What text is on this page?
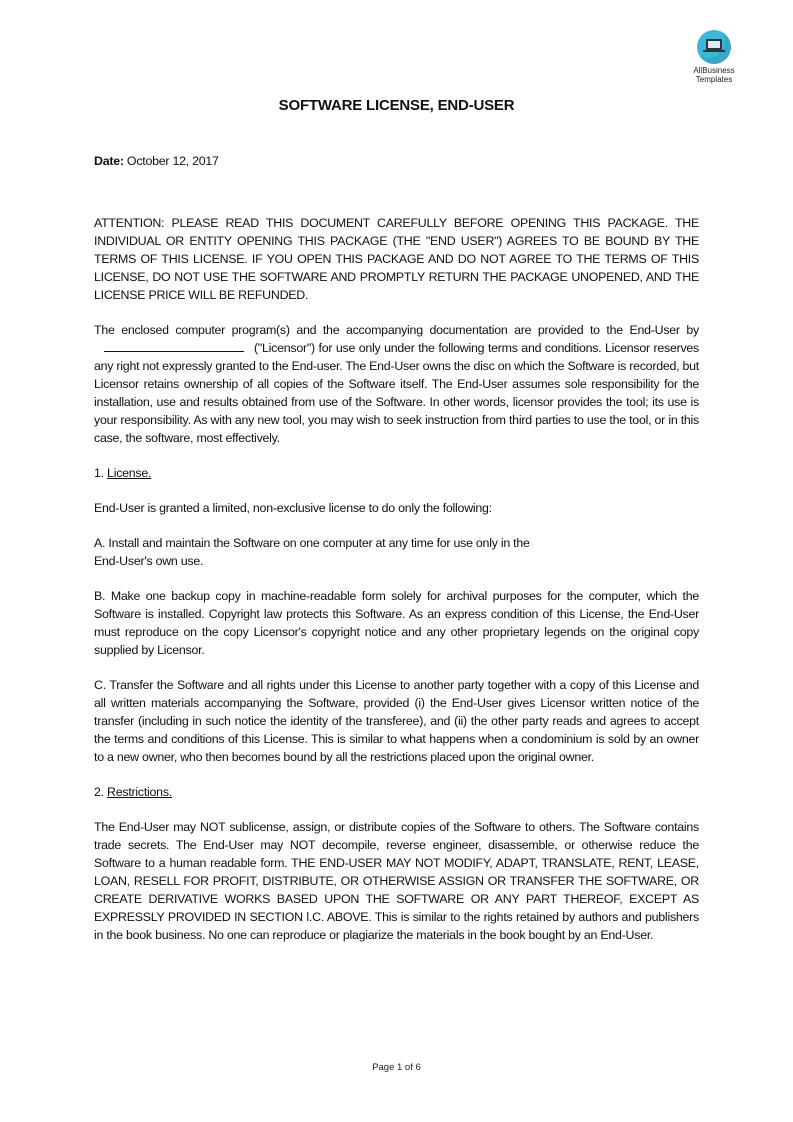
AllBusiness
Templates
SOFTWARE LICENSE, END-USER

Date: October 12, 2017

ATTENTION: PLEASE READ THIS DOCUMENT CAREFULLY BEFORE OPENING THIS PACKAGE. THE INDIVIDUAL OR ENTITY OPENING THIS PACKAGE (THE "END USER") AGREES TO BE BOUND BY THE TERMS OF THIS LICENSE. IF YOU OPEN THIS PACKAGE AND DO NOT AGREE TO THE TERMS OF THIS LICENSE, DO NOT USE THE SOFTWARE AND PROMPTLY RETURN THE PACKAGE UNOPENED, AND THE LICENSE PRICE WILL BE REFUNDED.

The enclosed computer program(s) and the accompanying documentation are provided to the End-User by("Licensor") for use only under the following terms and conditions. Licensor reserves any right not expressly granted to the End-user. The End-User owns the disc on which the Software is recorded, but Licensor retains ownership of all copies of the Software itself. The End-User assumes sole responsibility for the installation, use and results obtained from use of the Software. In other words, licensor provides the tool; its use is your responsibility. As with any new tool, you may wish to seek instruction from third parties to use the tool, or in this case, the software, most effectively.

1. License.

End-User is granted a limited, non-exclusive license to do only the following:

A. Install and maintain the Software on one computer at any time for use only in the
End-User's own use.

B. Make one backup copy in machine-readable form solely for archival purposes for the computer, which the Software is installed. Copyright law protects this Software. As an express condition of this License, the End-User must reproduce on the copy Licensor's copyright notice and any other proprietary legends on the original copy supplied by Licensor.

C. Transfer the Software and all rights under this License to another party together with a copy of this License and all written materials accompanying the Software, provided (i) the End-User gives Licensor written notice of the transfer (including in such notice the identity of the transferee), and (ii) the other party reads and agrees to accept the terms and conditions of this License. This is similar to what happens when a condominium is sold by an owner to a new owner, who then becomes bound by all the restrictions placed upon the original owner.

2. Restrictions.

The End-User may NOT sublicense, assign, or distribute copies of the Software to others. The Software contains trade secrets. The End-User may NOT decompile, reverse engineer, disassemble, or otherwise reduce the Software to a human readable form. THE END-USER MAY NOT MODIFY, ADAPT, TRANSLATE, RENT, LEASE, LOAN, RESELL FOR PROFIT, DISTRIBUTE, OR OTHERWISE ASSIGN OR TRANSFER THE SOFTWARE, OR CREATE DERIVATIVE WORKS BASED UPON THE SOFTWARE OR ANY PART THEREOF, EXCEPT AS EXPRESSLY PROVIDED IN SECTION l.C. ABOVE. This is similar to the rights retained by authors and publishers in the book business. No one can reproduce or plagiarize the materials in the book bought by an End-User.

Page 1 of 6
